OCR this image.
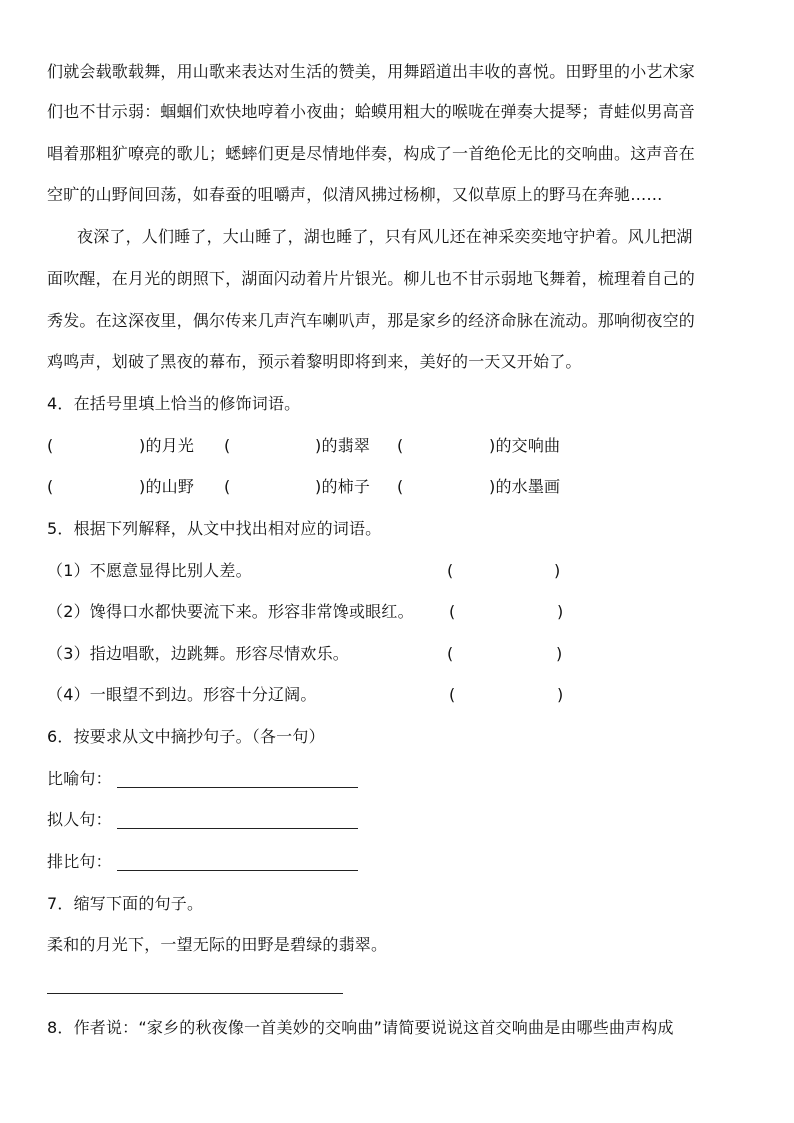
们就会载歌载舞，用山歌来表达对生活的赞美，用舞蹈道出丰收的喜悦。田野里的小艺术家
们也不甘示弱：蝈蝈们欢快地哼着小夜曲；蛤蟆用粗大的喉咙在弹奏大提琴；青蛙似男高音
唱着那粗犷嘹亮的歌儿；蟋蟀们更是尽情地伴奏，构成了一首绝伦无比的交响曲。这声音在
空旷的山野间回荡，如春蚕的咀嚼声，似清风拂过杨柳，又似草原上的野马在奔驰……
夜深了，人们睡了，大山睡了，湖也睡了，只有风儿还在神采奕奕地守护着。风儿把湖
面吹醒，在月光的朗照下，湖面闪动着片片银光。柳儿也不甘示弱地飞舞着，梳理着自己的
秀发。在这深夜里，偶尔传来几声汽车喇叭声，那是家乡的经济命脉在流动。那响彻夜空的
鸡鸣声，划破了黑夜的幕布，预示着黎明即将到来，美好的一天又开始了。
4．在括号里填上恰当的修饰词语。
(	)的月光 (	)的翡翠 (	)的交响曲
(	)的山野 (	)的柿子 (	)的水墨画
5．根据下列解释，从文中找出相对应的词语。
（1）不愿意显得比别人差。	(	)
（2）馋得口水都快要流下来。形容非常馋或眼红。 (	)
（3）指边唱歌，边跳舞。形容尽情欢乐。	(	)
（4）一眼望不到边。形容十分辽阔。	(	)
6．按要求从文中摘抄句子。（各一句）
比喻句：
拟人句：
排比句：
7．缩写下面的句子。
柔和的月光下，一望无际的田野是碧绿的翡翠。
8．作者说：“家乡的秋夜像一首美妙的交响曲”请简要说说这首交响曲是由哪些曲声构成
